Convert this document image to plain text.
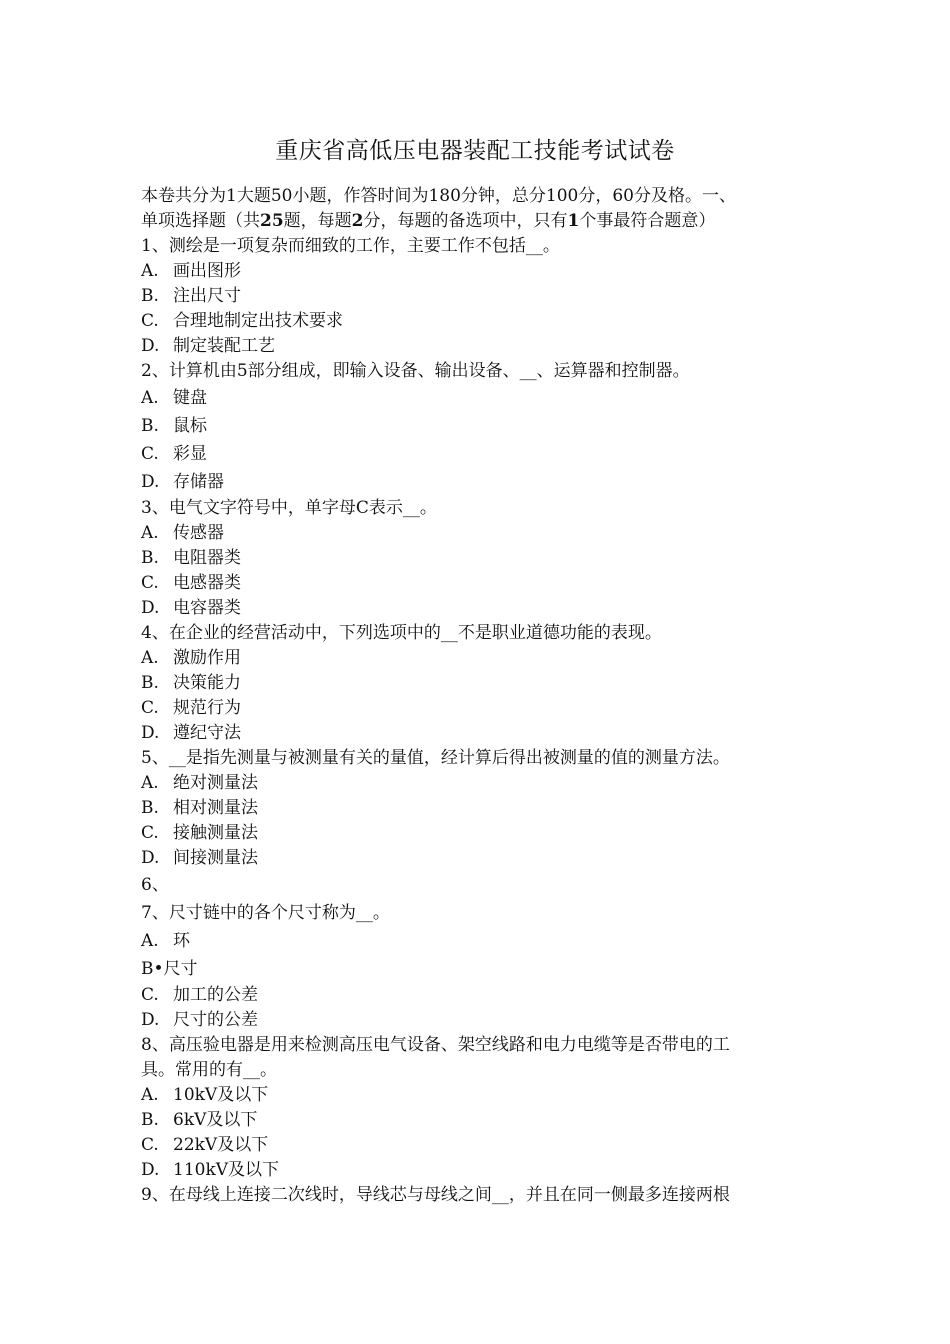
重庆省高低压电器装配工技能考试试卷
本卷共分为1大题50小题，作答时间为180分钟，总分100分，60分及格。一、
单项选择题（共25题，每题2分，每题的备选项中，只有1个事最符合题意）
1、测绘是一项复杂而细致的工作，主要工作不包括__。
A. 画出图形
B. 注出尺寸
C. 合理地制定出技术要求
D. 制定装配工艺
2、计算机由5部分组成，即输入设备、输出设备、__、运算器和控制器。
A. 键盘
B. 鼠标
C. 彩显
D. 存储器
3、电气文字符号中，单字母C表示__。
A. 传感器
B. 电阻器类
C. 电感器类
D. 电容器类
4、在企业的经营活动中，下列选项中的__不是职业道德功能的表现。
A. 激励作用
B. 决策能力
C. 规范行为
D. 遵纪守法
5、__是指先测量与被测量有关的量值，经计算后得出被测量的值的测量方法。
A. 绝对测量法
B. 相对测量法
C. 接触测量法
D. 间接测量法
6、
7、尺寸链中的各个尺寸称为__。
A. 环
B•尺寸
C. 加工的公差
D. 尺寸的公差
8、高压验电器是用来检测高压电气设备、架空线路和电力电缆等是否带电的工
具。常用的有__。
A. 10kV及以下
B. 6kV及以下
C. 22kV及以下
D. 110kV及以下
9、在母线上连接二次线时，导线芯与母线之间__，并且在同一侧最多连接两根
